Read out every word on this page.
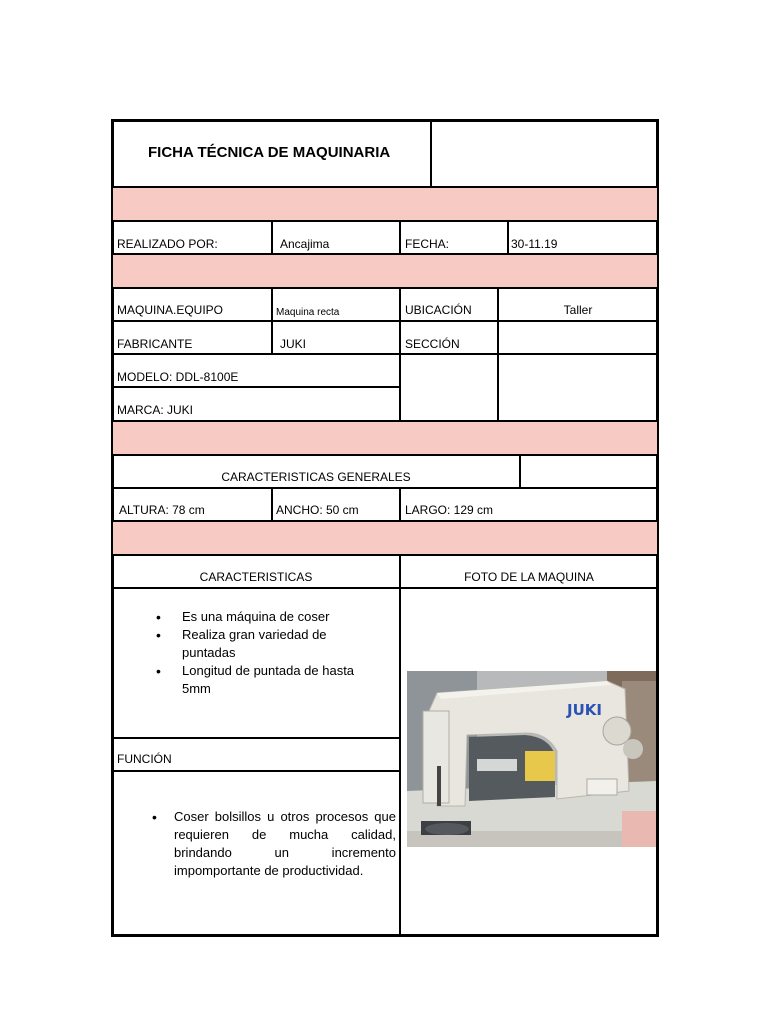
FICHA TÉCNICA DE MAQUINARIA
REALIZADO POR:	Ancajima	FECHA:	30-11.19
MAQUINA.EQUIPO	Maquina recta	UBICACIÓN	Taller
FABRICANTE	JUKI	SECCIÓN
MODELO: DDL-8100E
MARCA: JUKI
CARACTERISTICAS GENERALES
ALTURA: 78 cm	ANCHO: 50 cm	LARGO: 129 cm
CARACTERISTICAS	FOTO DE LA MAQUINA
• Es una máquina de coser
• Realiza gran variedad de puntadas
• Longitud de puntada de hasta 5mm
FUNCIÓN
• Coser bolsillos u otros procesos que requieren de mucha calidad, brindando un incremento impomportante de productividad.
JUKI
